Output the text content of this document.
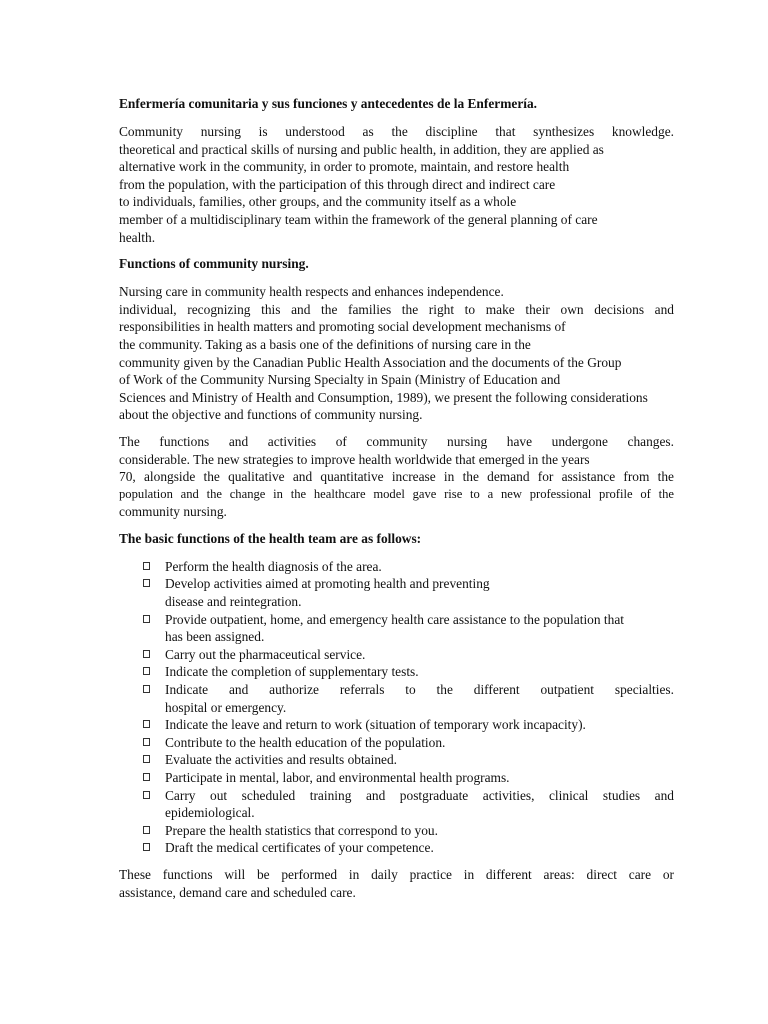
Enfermería comunitaria y sus funciones y antecedentes de la Enfermería.

Community nursing is understood as the discipline that synthesizes knowledge.
theoretical and practical skills of nursing and public health, in addition, they are applied as
alternative work in the community, in order to promote, maintain, and restore health
from the population, with the participation of this through direct and indirect care
to individuals, families, other groups, and the community itself as a whole
member of a multidisciplinary team within the framework of the general planning of care
health.

Functions of community nursing.

Nursing care in community health respects and enhances independence.
individual, recognizing this and the families the right to make their own decisions and
responsibilities in health matters and promoting social development mechanisms of
the community. Taking as a basis one of the definitions of nursing care in the
community given by the Canadian Public Health Association and the documents of the Group
of Work of the Community Nursing Specialty in Spain (Ministry of Education and
Sciences and Ministry of Health and Consumption, 1989), we present the following considerations
about the objective and functions of community nursing.
The functions and activities of community nursing have undergone changes.
considerable. The new strategies to improve health worldwide that emerged in the years
70, alongside the qualitative and quantitative increase in the demand for assistance from the
population and the change in the healthcare model gave rise to a new professional profile of the
community nursing.

The basic functions of the health team are as follows:

Perform the health diagnosis of the area.
Develop activities aimed at promoting health and preventing
disease and reintegration.
Provide outpatient, home, and emergency health care assistance to the population that
has been assigned.
Carry out the pharmaceutical service.
Indicate the completion of supplementary tests.
Indicate and authorize referrals to the different outpatient specialties.
hospital or emergency.
Indicate the leave and return to work (situation of temporary work incapacity).
Contribute to the health education of the population.
Evaluate the activities and results obtained.
Participate in mental, labor, and environmental health programs.
Carry out scheduled training and postgraduate activities, clinical studies and
epidemiological.
Prepare the health statistics that correspond to you.
Draft the medical certificates of your competence.
These functions will be performed in daily practice in different areas: direct care or
assistance, demand care and scheduled care.
